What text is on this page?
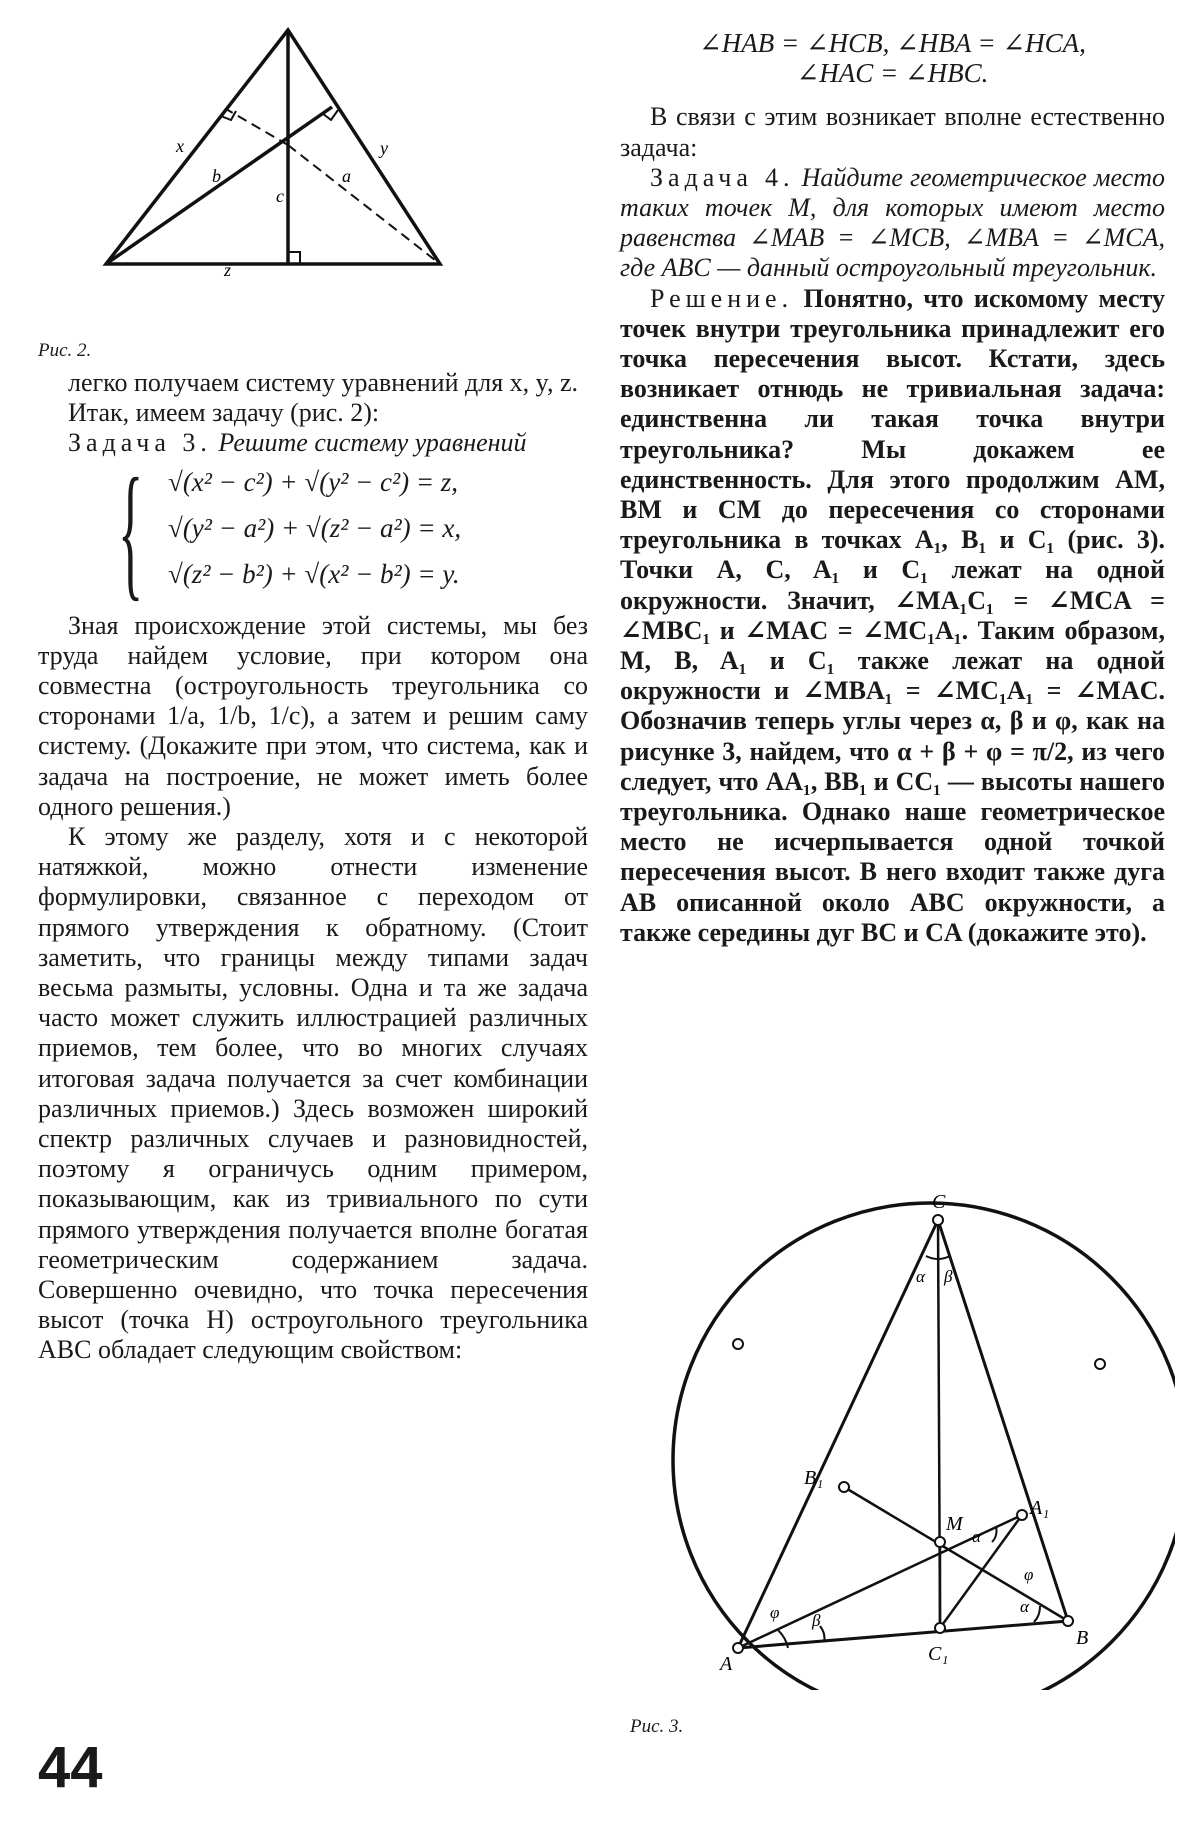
x	y
b
c
a
z
Рис. 2.

легко получаем систему уравнений для x, y, z.

Итак, имеем задачу (рис. 2):

Задача 3. Решите систему уравнений

{ √(x² − c²) + √(y² − c²) = z,
√(y² − a²) + √(z² − a²) = x,
√(z² − b²) + √(x² − b²) = y.

Зная происхождение этой системы, мы без труда найдем условие, при котором она совместна (остроугольность треугольника со сторонами 1/a, 1/b, 1/c), а затем и решим саму систему. (Докажите при этом, что система, как и задача на построение, не может иметь более одного решения.)

К этому же разделу, хотя и с некоторой натяжкой, можно отнести изменение формулировки, связанное с переходом от прямого утверждения к обратному. (Стоит заметить, что границы между типами задач весьма размыты, условны. Одна и та же задача часто может служить иллюстрацией различных приемов, тем более, что во многих случаях итоговая задача получается за счет комбинации различных приемов.) Здесь возможен широкий спектр различных случаев и разновидностей, поэтому я ограничусь одним примером, показывающим, как из тривиального по сути прямого утверждения получается вполне богатая геометрическим содержанием задача. Совершенно очевидно, что точка пересечения высот (точка H) остроугольного треугольника ABC обладает следующим свойством:

∠HAB = ∠HCB, ∠HBA = ∠HCA,

∠HAC = ∠HBC.

В связи с этим возникает вполне естественно задача:

Задача 4. Найдите геометрическое место таких точек M, для которых имеют место равенства ∠MAB = ∠MCB, ∠MBA = ∠MCA, где ABC — данный остроугольный треугольник.

Решение. Понятно, что искомому месту точек внутри треугольника принадлежит его точка пересечения высот. Кстати, здесь возникает отнюдь не тривиальная задача: единственна ли такая точка внутри треугольника? Мы докажем ее единственность. Для этого продолжим AM, BM и CM до пересечения со сторонами треугольника в точках A₁, B₁ и C₁ (рис. 3). Точки A, C, A₁ и C₁ лежат на одной окружности. Значит, ∠MA₁C₁ = ∠MCA = ∠MBC₁ и ∠MAC = ∠MC₁A₁. Таким образом, M, B, A₁ и C₁ также лежат на одной окружности и ∠MBA₁ = ∠MC₁A₁ = ∠MAC. Обозначив теперь углы через α, β и φ, как на рисунке 3, найдем, что α + β + φ = π/2, из чего следует, что AA₁, BB₁ и CC₁ — высоты нашего треугольника. Однако наше геометрическое место не исчерпывается одной точкой пересечения высот. В него входит также дуга AB описанной около ABC окружности, а также середины дуг BC и CA (докажите это).

C
B₁
A₁
M
A
B
C₁
α β
φ β
α
φ
α
Рис. 3.
44
